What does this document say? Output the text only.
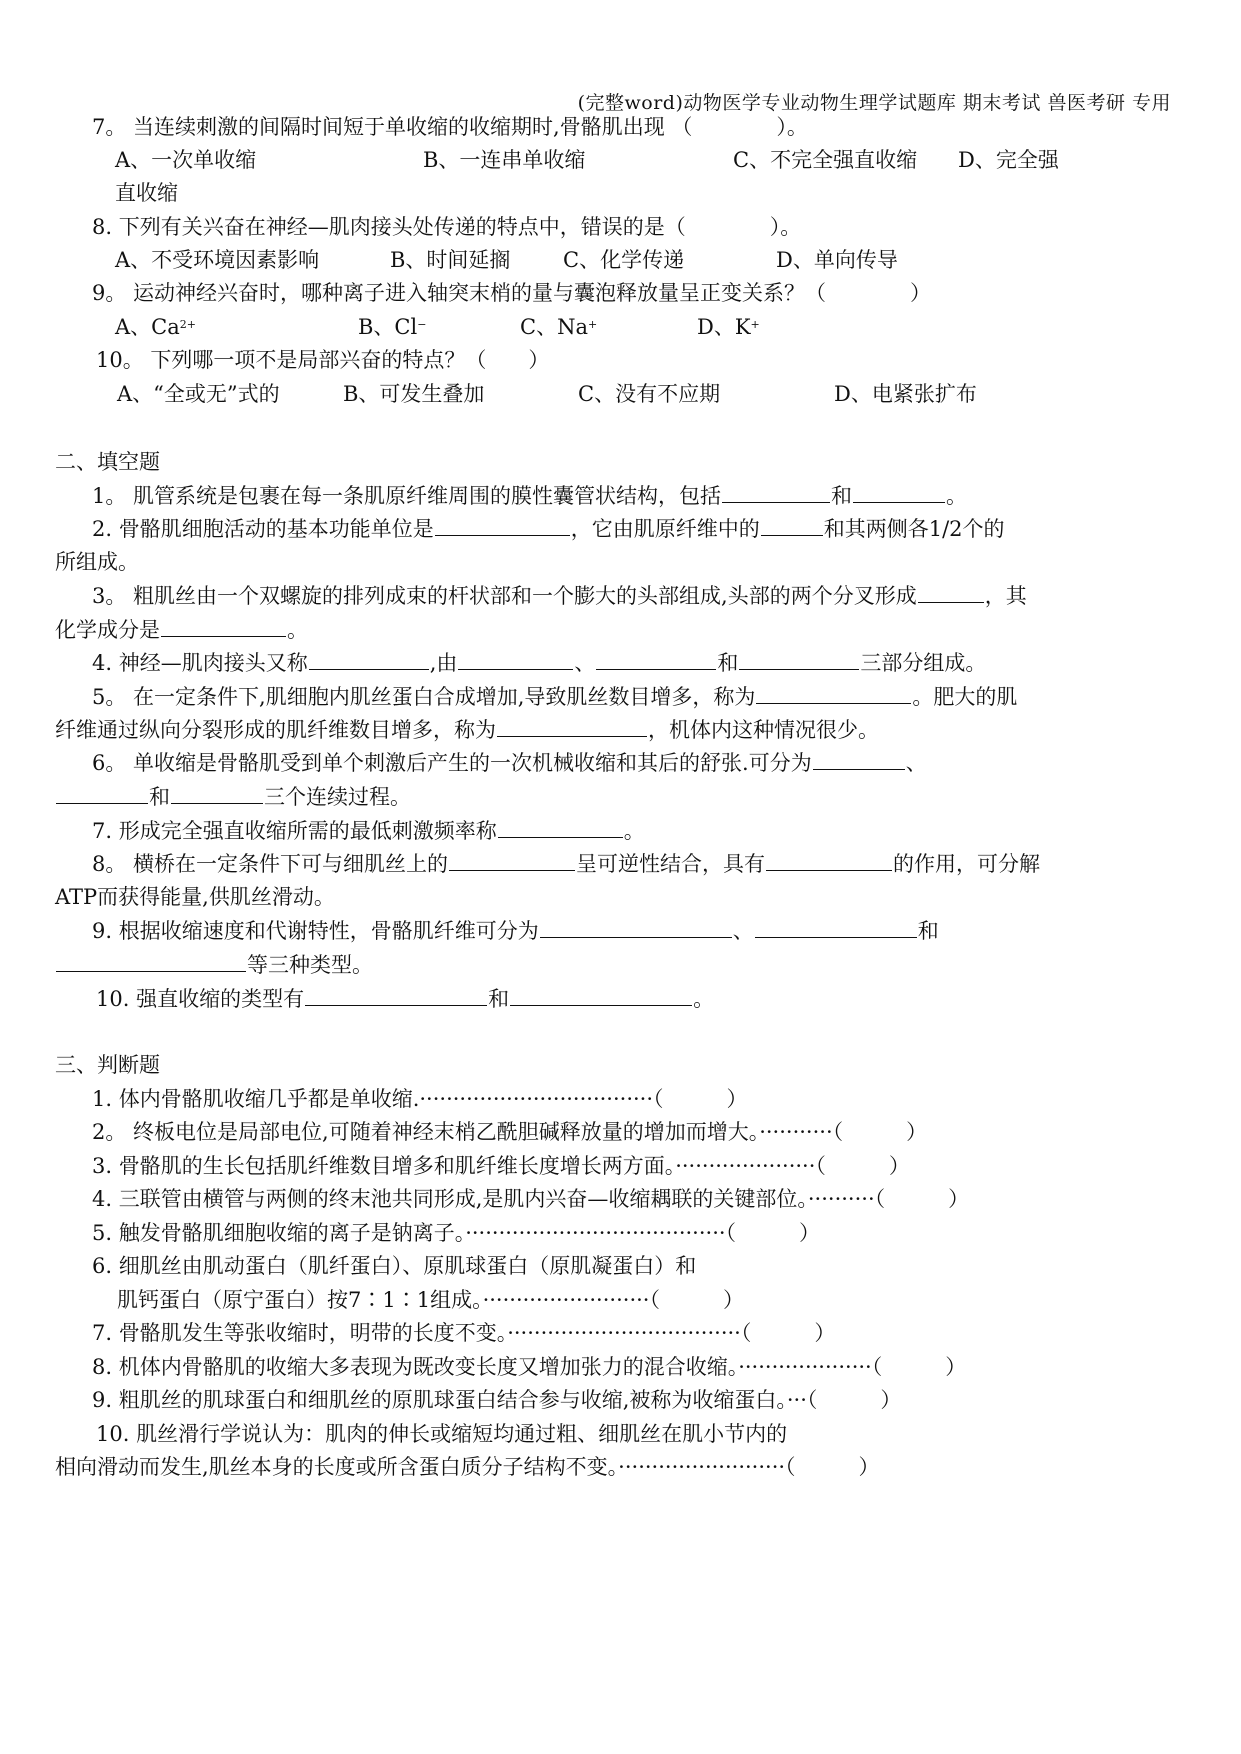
(完整word)动物医学专业动物生理学试题库 期末考试 兽医考研 专用
7。 当连续刺激的间隔时间短于单收缩的收缩期时,骨骼肌出现 （　　　　）。
A、一次单收缩	B、一连串单收缩	C、不完全强直收缩 D、完全强
直收缩
8. 下列有关兴奋在神经—肌肉接头处传递的特点中，错误的是（　　　　）。
A、不受环境因素影响	B、时间延搁	C、化学传递	D、单向传导
9。 运动神经兴奋时，哪种离子进入轴突末梢的量与囊泡释放量呈正变关系？（　　　　）
A、$Ca^{2+}$	B、Cl−	C、Na+	D、K+
10。 下列哪一项不是局部兴奋的特点？（　　）
A、“全或无”式的	B、可发生叠加	C、没有不应期	D、电紧张扩布
二、填空题
1。 肌管系统是包裹在每一条肌原纤维周围的膜性囊管状结构，包括	和	。
2. 骨骼肌细胞活动的基本功能单位是	，它由肌原纤维中的	和其两侧各1/2个的
所组成。
3。 粗肌丝由一个双螺旋的排列成束的杆状部和一个膨大的头部组成,头部的两个分叉形成	，其
化学成分是	。
4. 神经—肌肉接头又称	,由	、	和	三部分组成。
5。 在一定条件下,肌细胞内肌丝蛋白合成增加,导致肌丝数目增多，称为	。肥大的肌
纤维通过纵向分裂形成的肌纤维数目增多，称为	，机体内这种情况很少。
6。 单收缩是骨骼肌受到单个刺激后产生的一次机械收缩和其后的舒张.可分为	、
和	三个连续过程。
7. 形成完全强直收缩所需的最低刺激频率称	。
8。 横桥在一定条件下可与细肌丝上的	呈可逆性结合，具有	的作用，可分解
ATP而获得能量,供肌丝滑动。
9. 根据收缩速度和代谢特性，骨骼肌纤维可分为	、	和
等三种类型。
10. 强直收缩的类型有	和	。
三、判断题
1. 体内骨骼肌收缩几乎都是单收缩.···································（　　　）
2。 终板电位是局部电位,可随着神经末梢乙酰胆碱释放量的增加而增大。···········（　　　）
3. 骨骼肌的生长包括肌纤维数目增多和肌纤维长度增长两方面。·····················（　　　）
4. 三联管由横管与两侧的终末池共同形成,是肌内兴奋—收缩耦联的关键部位。··········（　　　）
5. 触发骨骼肌细胞收缩的离子是钠离子。·······································（　　　）
6. 细肌丝由肌动蛋白（肌纤蛋白）、原肌球蛋白（原肌凝蛋白）和
肌钙蛋白（原宁蛋白）按7∶1∶1组成。·························（　　　）
7. 骨骼肌发生等张收缩时，明带的长度不变。···································（　　　）
8. 机体内骨骼肌的收缩大多表现为既改变长度又增加张力的混合收缩。····················（　　　）
9. 粗肌丝的肌球蛋白和细肌丝的原肌球蛋白结合参与收缩,被称为收缩蛋白。···（　　　）
10. 肌丝滑行学说认为：肌肉的伸长或缩短均通过粗、细肌丝在肌小节内的
相向滑动而发生,肌丝本身的长度或所含蛋白质分子结构不变。·························（　　　）
